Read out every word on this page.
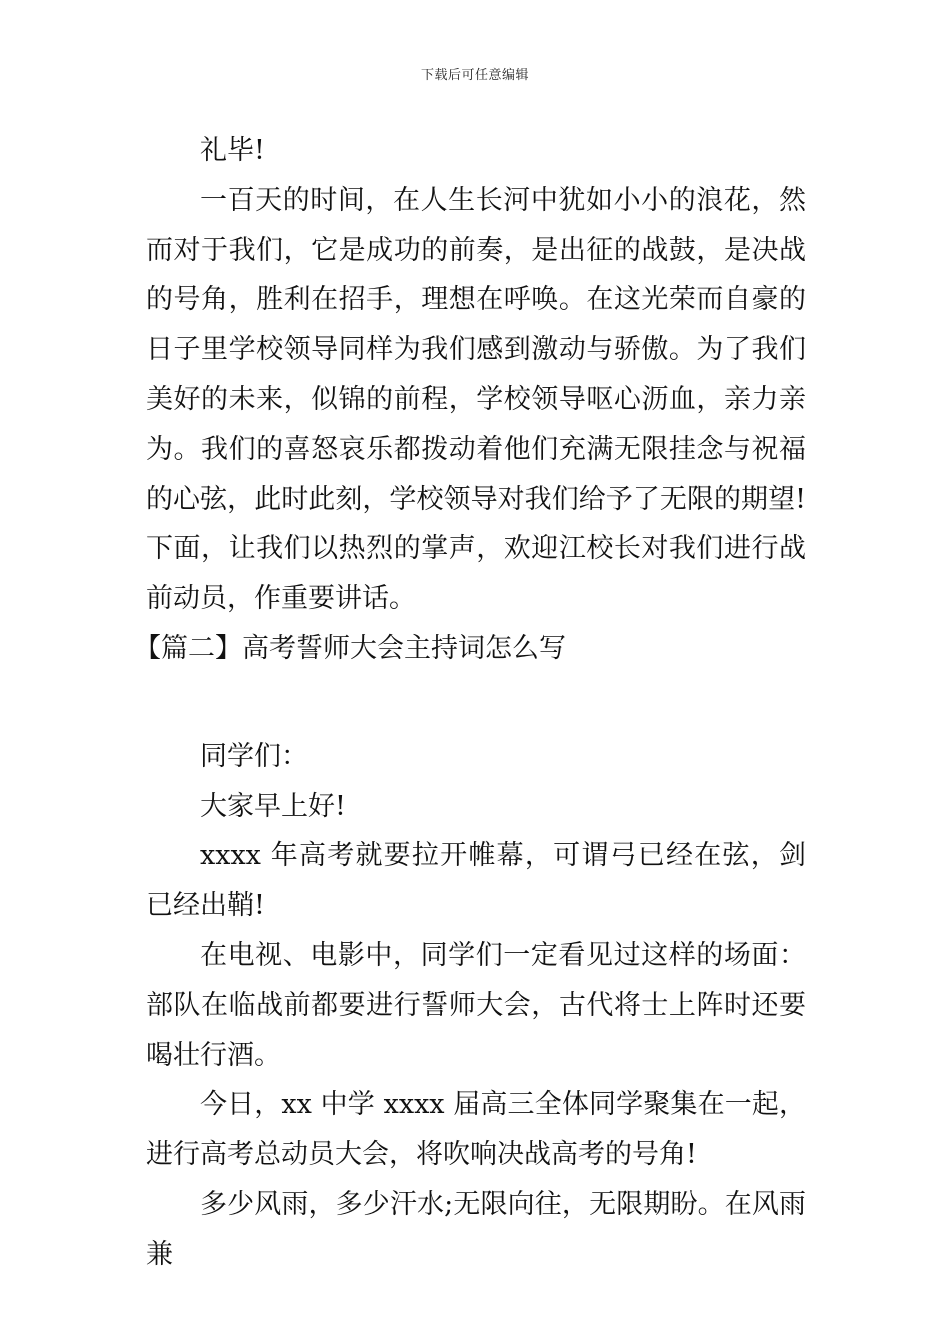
下载后可任意编辑

礼毕!

一百天的时间，在人生长河中犹如小小的浪花，然而对于我们，它是成功的前奏，是出征的战鼓，是决战的号角，胜利在招手，理想在呼唤。在这光荣而自豪的日子里学校领导同样为我们感到激动与骄傲。为了我们美好的未来，似锦的前程，学校领导呕心沥血，亲力亲为。我们的喜怒哀乐都拨动着他们充满无限挂念与祝福的心弦，此时此刻，学校领导对我们给予了无限的期望!下面，让我们以热烈的掌声，欢迎江校长对我们进行战前动员，作重要讲话。

【篇二】高考誓师大会主持词怎么写

同学们：

大家早上好!

xxxx 年高考就要拉开帷幕，可谓弓已经在弦，剑已经出鞘!

在电视、电影中，同学们一定看见过这样的场面：部队在临战前都要进行誓师大会，古代将士上阵时还要喝壮行酒。

今日，xx 中学 xxxx 届高三全体同学聚集在一起，进行高考总动员大会，将吹响决战高考的号角!

多少风雨，多少汗水;无限向往，无限期盼。在风雨兼
